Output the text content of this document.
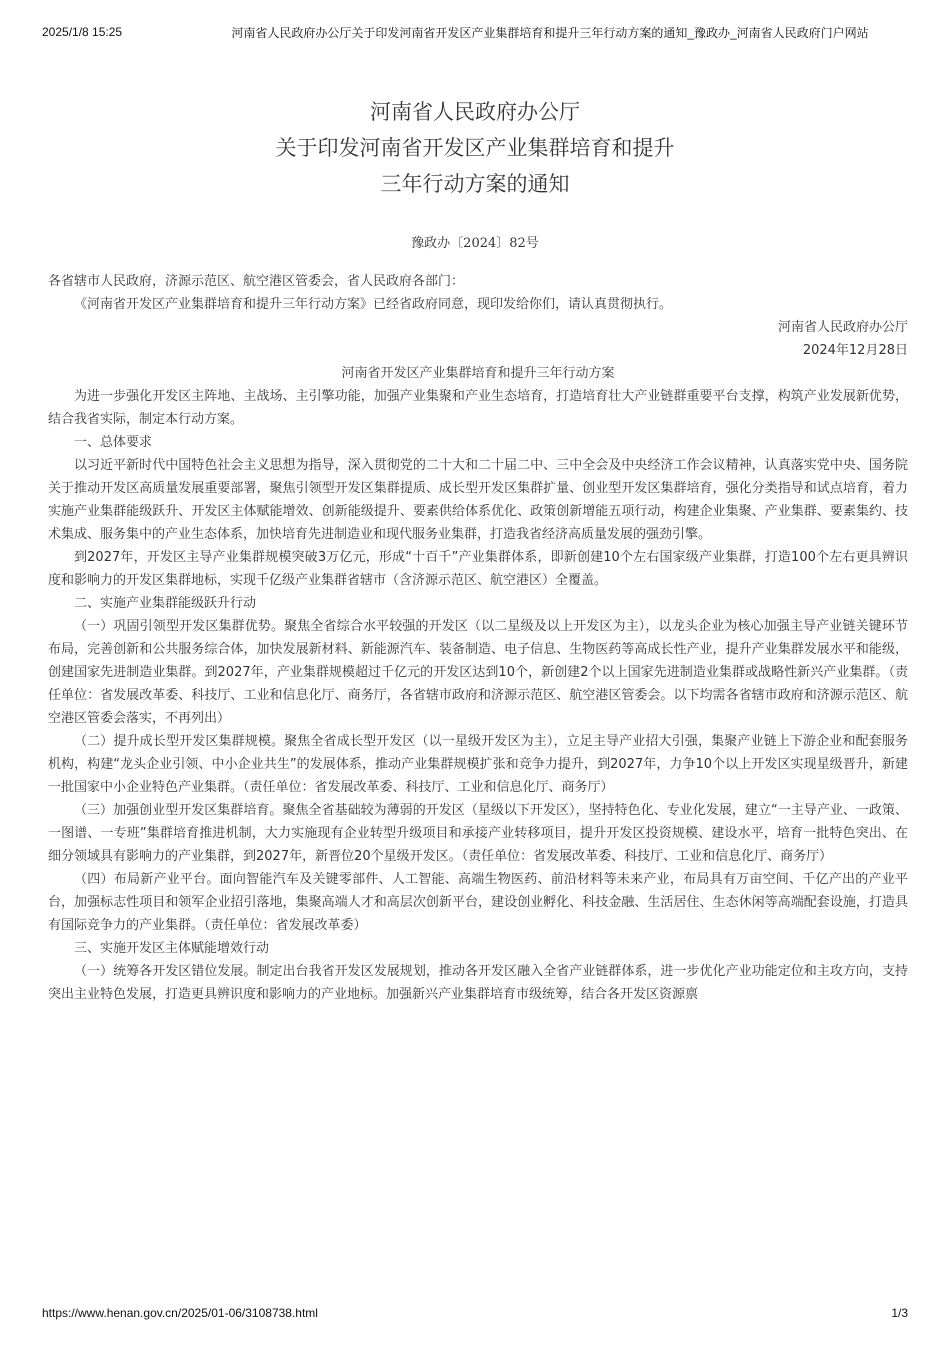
2025/1/8 15:25	河南省人民政府办公厅关于印发河南省开发区产业集群培育和提升三年行动方案的通知_豫政办_河南省人民政府门户网站
河南省人民政府办公厅
关于印发河南省开发区产业集群培育和提升
三年行动方案的通知
豫政办〔2024〕82号

各省辖市人民政府，济源示范区、航空港区管委会，省人民政府各部门：

《河南省开发区产业集群培育和提升三年行动方案》已经省政府同意，现印发给你们，请认真贯彻执行。

河南省人民政府办公厅

2024年12月28日

河南省开发区产业集群培育和提升三年行动方案

为进一步强化开发区主阵地、主战场、主引擎功能，加强产业集聚和产业生态培育，打造培育壮大产业链群重要平台支撑，构筑产业发展新优势，结合我省实际，制定本行动方案。

一、总体要求

以习近平新时代中国特色社会主义思想为指导，深入贯彻党的二十大和二十届二中、三中全会及中央经济工作会议精神，认真落实党中央、国务院关于推动开发区高质量发展重要部署，聚焦引领型开发区集群提质、成长型开发区集群扩量、创业型开发区集群培育，强化分类指导和试点培育，着力实施产业集群能级跃升、开发区主体赋能增效、创新能级提升、要素供给体系优化、政策创新增能五项行动，构建企业集聚、产业集群、要素集约、技术集成、服务集中的产业生态体系，加快培育先进制造业和现代服务业集群，打造我省经济高质量发展的强劲引擎。

到2027年，开发区主导产业集群规模突破3万亿元，形成“十百千”产业集群体系，即新创建10个左右国家级产业集群，打造100个左右更具辨识度和影响力的开发区集群地标，实现千亿级产业集群省辖市（含济源示范区、航空港区）全覆盖。

二、实施产业集群能级跃升行动

（一）巩固引领型开发区集群优势。聚焦全省综合水平较强的开发区（以二星级及以上开发区为主），以龙头企业为核心加强主导产业链关键环节布局，完善创新和公共服务综合体，加快发展新材料、新能源汽车、装备制造、电子信息、生物医药等高成长性产业，提升产业集群发展水平和能级，创建国家先进制造业集群。到2027年，产业集群规模超过千亿元的开发区达到10个，新创建2个以上国家先进制造业集群或战略性新兴产业集群。（责任单位：省发展改革委、科技厅、工业和信息化厅、商务厅，各省辖市政府和济源示范区、航空港区管委会。以下均需各省辖市政府和济源示范区、航空港区管委会落实，不再列出）

（二）提升成长型开发区集群规模。聚焦全省成长型开发区（以一星级开发区为主），立足主导产业招大引强，集聚产业链上下游企业和配套服务机构，构建“龙头企业引领、中小企业共生”的发展体系，推动产业集群规模扩张和竞争力提升，到2027年，力争10个以上开发区实现星级晋升，新建一批国家中小企业特色产业集群。（责任单位：省发展改革委、科技厅、工业和信息化厅、商务厅）

（三）加强创业型开发区集群培育。聚焦全省基础较为薄弱的开发区（星级以下开发区），坚持特色化、专业化发展，建立“一主导产业、一政策、一图谱、一专班”集群培育推进机制，大力实施现有企业转型升级项目和承接产业转移项目，提升开发区投资规模、建设水平，培育一批特色突出、在细分领域具有影响力的产业集群，到2027年，新晋位20个星级开发区。（责任单位：省发展改革委、科技厅、工业和信息化厅、商务厅）

（四）布局新产业平台。面向智能汽车及关键零部件、人工智能、高端生物医药、前沿材料等未来产业，布局具有万亩空间、千亿产出的产业平台，加强标志性项目和领军企业招引落地，集聚高端人才和高层次创新平台，建设创业孵化、科技金融、生活居住、生态休闲等高端配套设施，打造具有国际竞争力的产业集群。（责任单位：省发展改革委）

三、实施开发区主体赋能增效行动

（一）统筹各开发区错位发展。制定出台我省开发区发展规划，推动各开发区融入全省产业链群体系，进一步优化产业功能定位和主攻方向，支持突出主业特色发展，打造更具辨识度和影响力的产业地标。加强新兴产业集群培育市级统筹，结合各开发区资源禀

https://www.henan.gov.cn/2025/01-06/3108738.html	1/3
